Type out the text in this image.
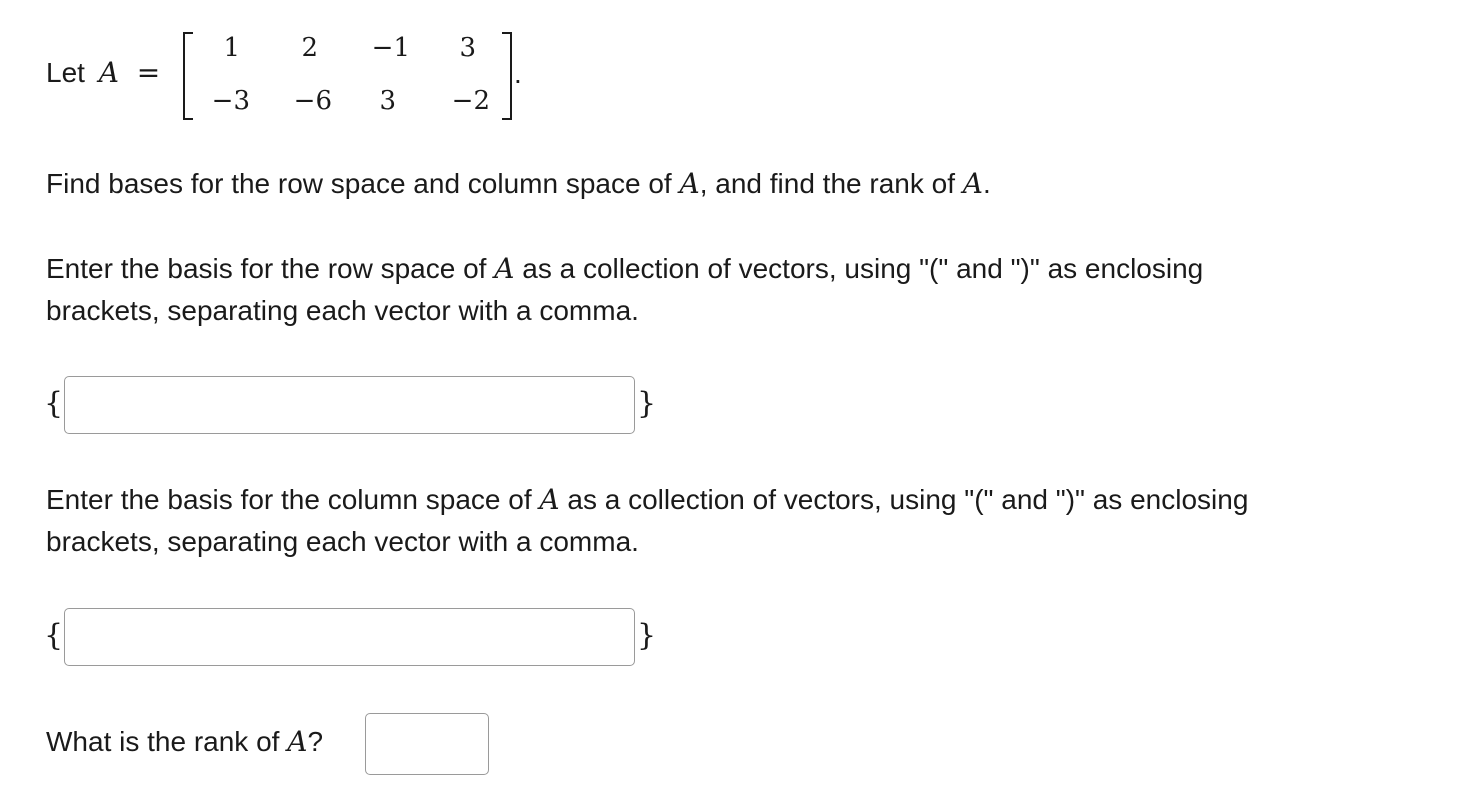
Let A =
1	2	−1	3
−3	−6	3	−2
.
Find bases for the row space and column space of A, and find the rank of A.
Enter the basis for the row space of A as a collection of vectors, using "(" and ")" as enclosing
brackets, separating each vector with a comma.
{	}
Enter the basis for the column space of A as a collection of vectors, using "(" and ")" as enclosing
brackets, separating each vector with a comma.
{	}
What is the rank of A?
